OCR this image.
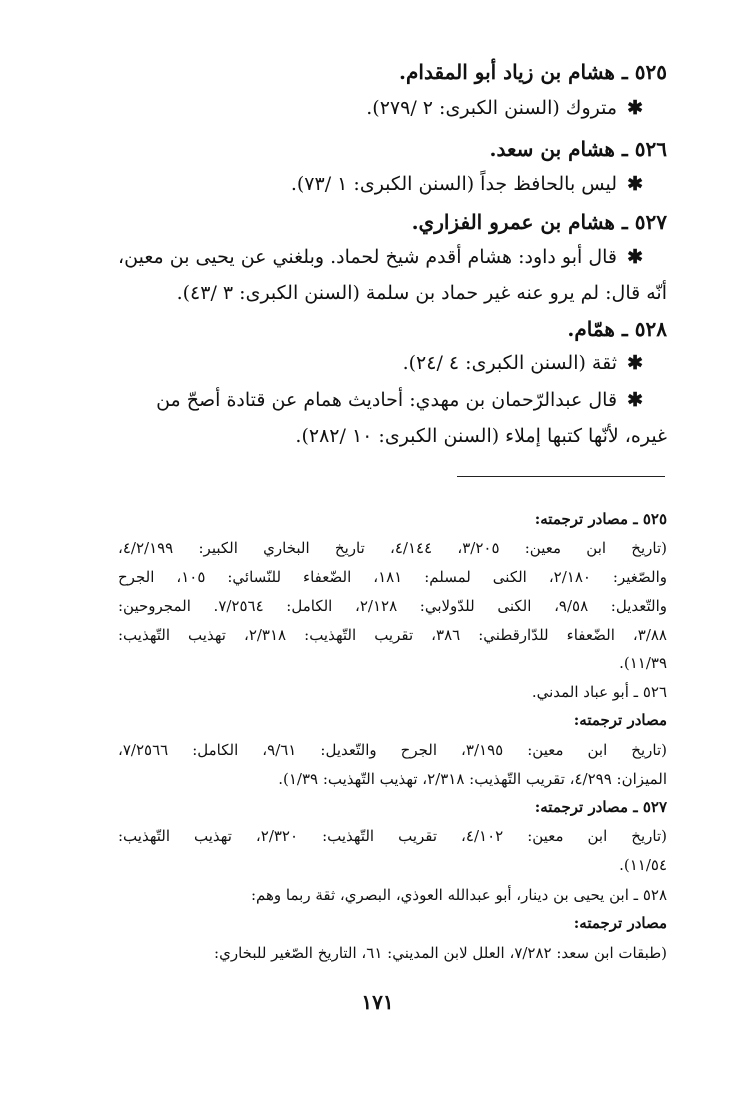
٥٢٥ ـ هشام بن زياد أبو المقدام.
✱ متروك (السنن الكبرى: ٢ /٢٧٩).
٥٢٦ ـ هشام بن سعد.
✱ ليس بالحافظ جداً (السنن الكبرى: ١ /٧٣).
٥٢٧ ـ هشام بن عمرو الفزاري.
✱ قال أبو داود: هشام أقدم شيخ لحماد. وبلغني عن يحيى بن معين،
أنّه قال: لم يرو عنه غير حماد بن سلمة (السنن الكبرى: ٣ /٤٣).
٥٢٨ ـ همّام.
✱ ثقة (السنن الكبرى: ٤ /٢٤).
✱ قال عبدالرّحمان بن مهدي: أحاديث همام عن قتادة أصحّ من
غيره، لأنّها كتبها إملاء (السنن الكبرى: ١٠ /٢٨٢).
٥٢٥ ـ مصادر ترجمته:
(تاريخ ابن معين: ٣/٢٠٥، ٤/١٤٤، تاريخ البخاري الكبير: ٤/٢/١٩٩،
والصّغير: ٢/١٨٠، الكنى لمسلم: ١٨١، الضّعفاء للنّسائي: ١٠٥، الجرح
والتّعديل: ٩/٥٨، الكنى للدّولابي: ٢/١٢٨، الكامل: ٧/٢٥٦٤. المجروحين:
٣/٨٨، الضّعفاء للدّارقطني: ٣٨٦، تقريب التّهذيب: ٢/٣١٨، تهذيب التّهذيب:
١١/٣٩).
٥٢٦ ـ أبو عباد المدني.
مصادر ترجمته:
(تاريخ ابن معين: ٣/١٩٥، الجرح والتّعديل: ٩/٦١، الكامل: ٧/٢٥٦٦،
الميزان: ٤/٢٩٩، تقريب التّهذيب: ٢/٣١٨، تهذيب التّهذيب: ١/٣٩).
٥٢٧ ـ مصادر ترجمته:
(تاريخ ابن معين: ٤/١٠٢، تقريب التّهذيب: ٢/٣٢٠، تهذيب التّهذيب:
١١/٥٤).
٥٢٨ ـ ابن يحيى بن دينار، أبو عبدالله العوذي، البصري، ثقة ربما وهم:
مصادر ترجمته:
(طبقات ابن سعد: ٧/٢٨٢، العلل لابن المديني: ٦١، التاريخ الصّغير للبخاري:
١٧١
